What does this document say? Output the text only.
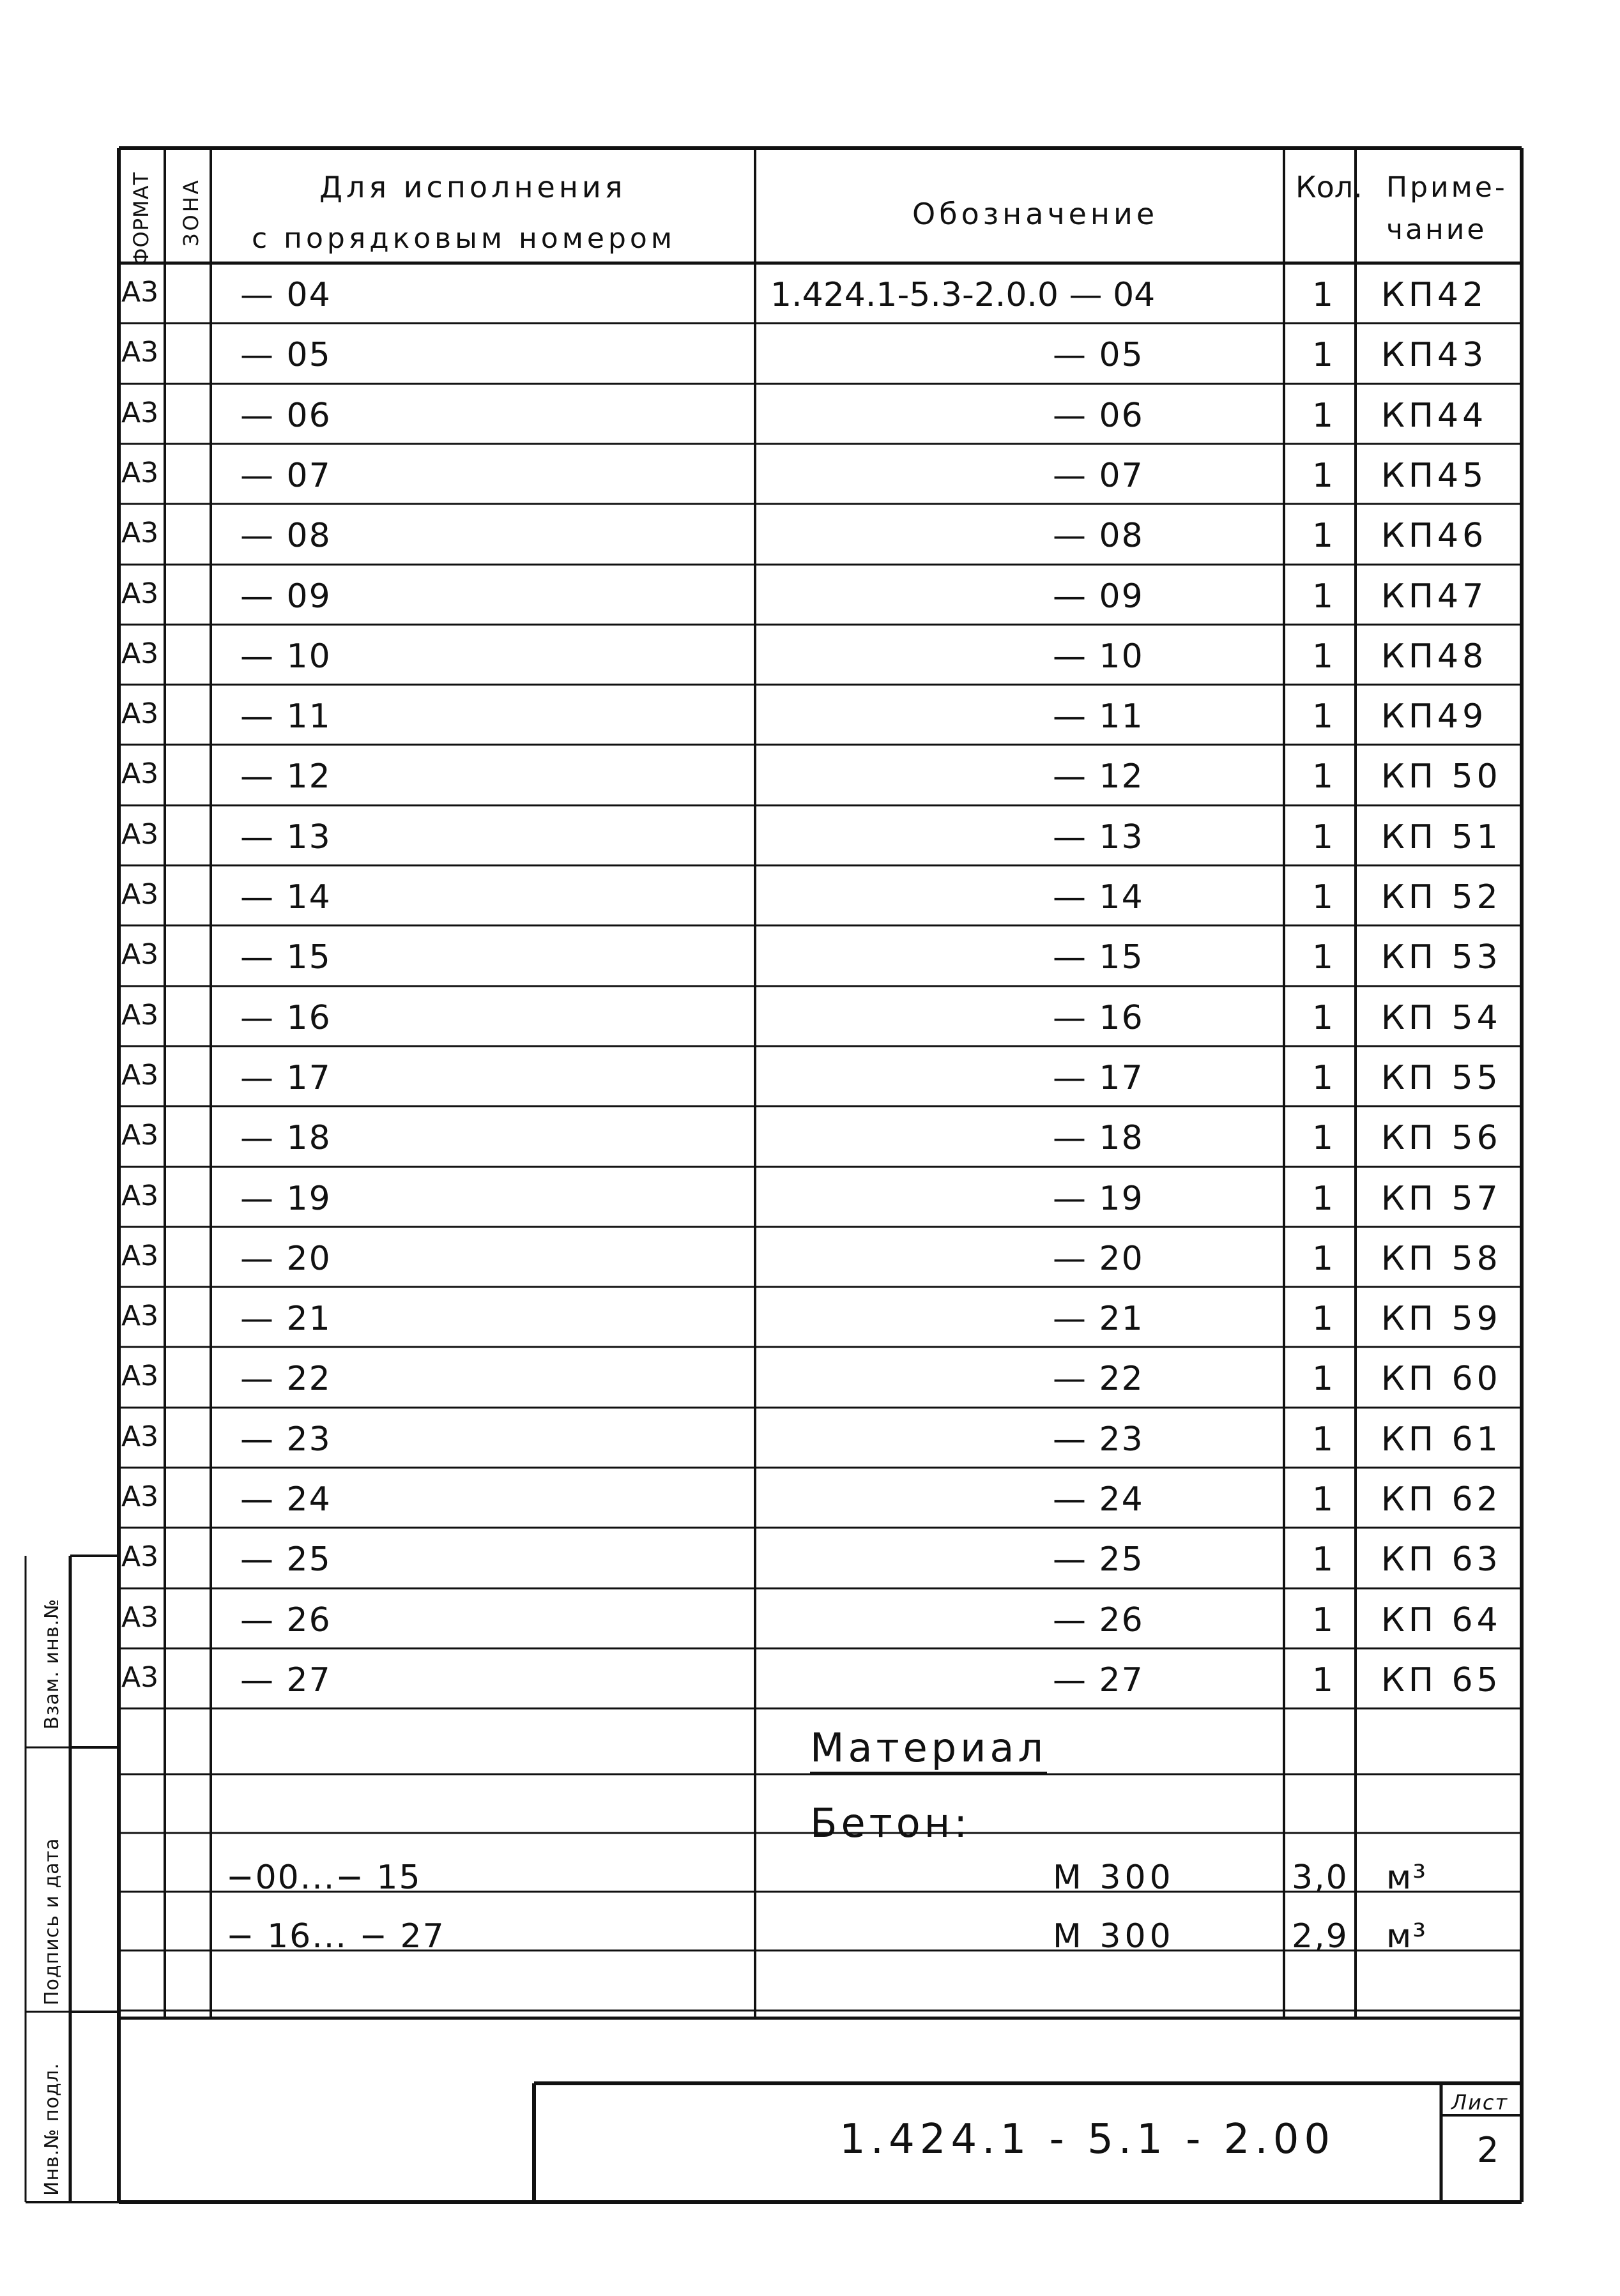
ФОРМАТ ЗОНА	Для исполнения
с порядковым номером
Обозначение
Кол. Приме-
чание
А3 — 04	1.424.1-5.3-2.0.0 — 04	1 КП42
А3 — 05	— 05	1 КП43
А3 — 06	— 06	1 КП44
А3 — 07	— 07	1 КП45
А3 — 08	— 08	1 КП46
А3 — 09	— 09	1 КП47
А3 — 10	— 10	1 КП48
А3 — 11	— 11	1 КП49
А3 — 12	— 12	1 КП 50
А3 — 13	— 13	1 КП 51
А3 — 14	— 14	1 КП 52
А3 — 15	— 15	1 КП 53
А3 — 16	— 16	1 КП 54
А3 — 17	— 17	1 КП 55
А3 — 18	— 18	1 КП 56
А3 — 19	— 19	1 КП 57
А3 — 20	— 20	1 КП 58
А3 — 21	— 21	1 КП 59
А3 — 22	— 22	1 КП 60
А3 — 23	— 23	1 КП 61
А3 — 24	— 24	1 КП 62
А3 — 25	— 25	1 КП 63
А3 — 26	— 26	1 КП 64
А3 — 27	— 27	1 КП 65
Материал
Бетон:
−00...− 15	М 300	3,0 м³
− 16... − 27	М 300	2,9 м³
Взам. инв.№
Подпись и дата
Инв.№ подл.	1.424.1 - 5.1 - 2.00
Лист
2
